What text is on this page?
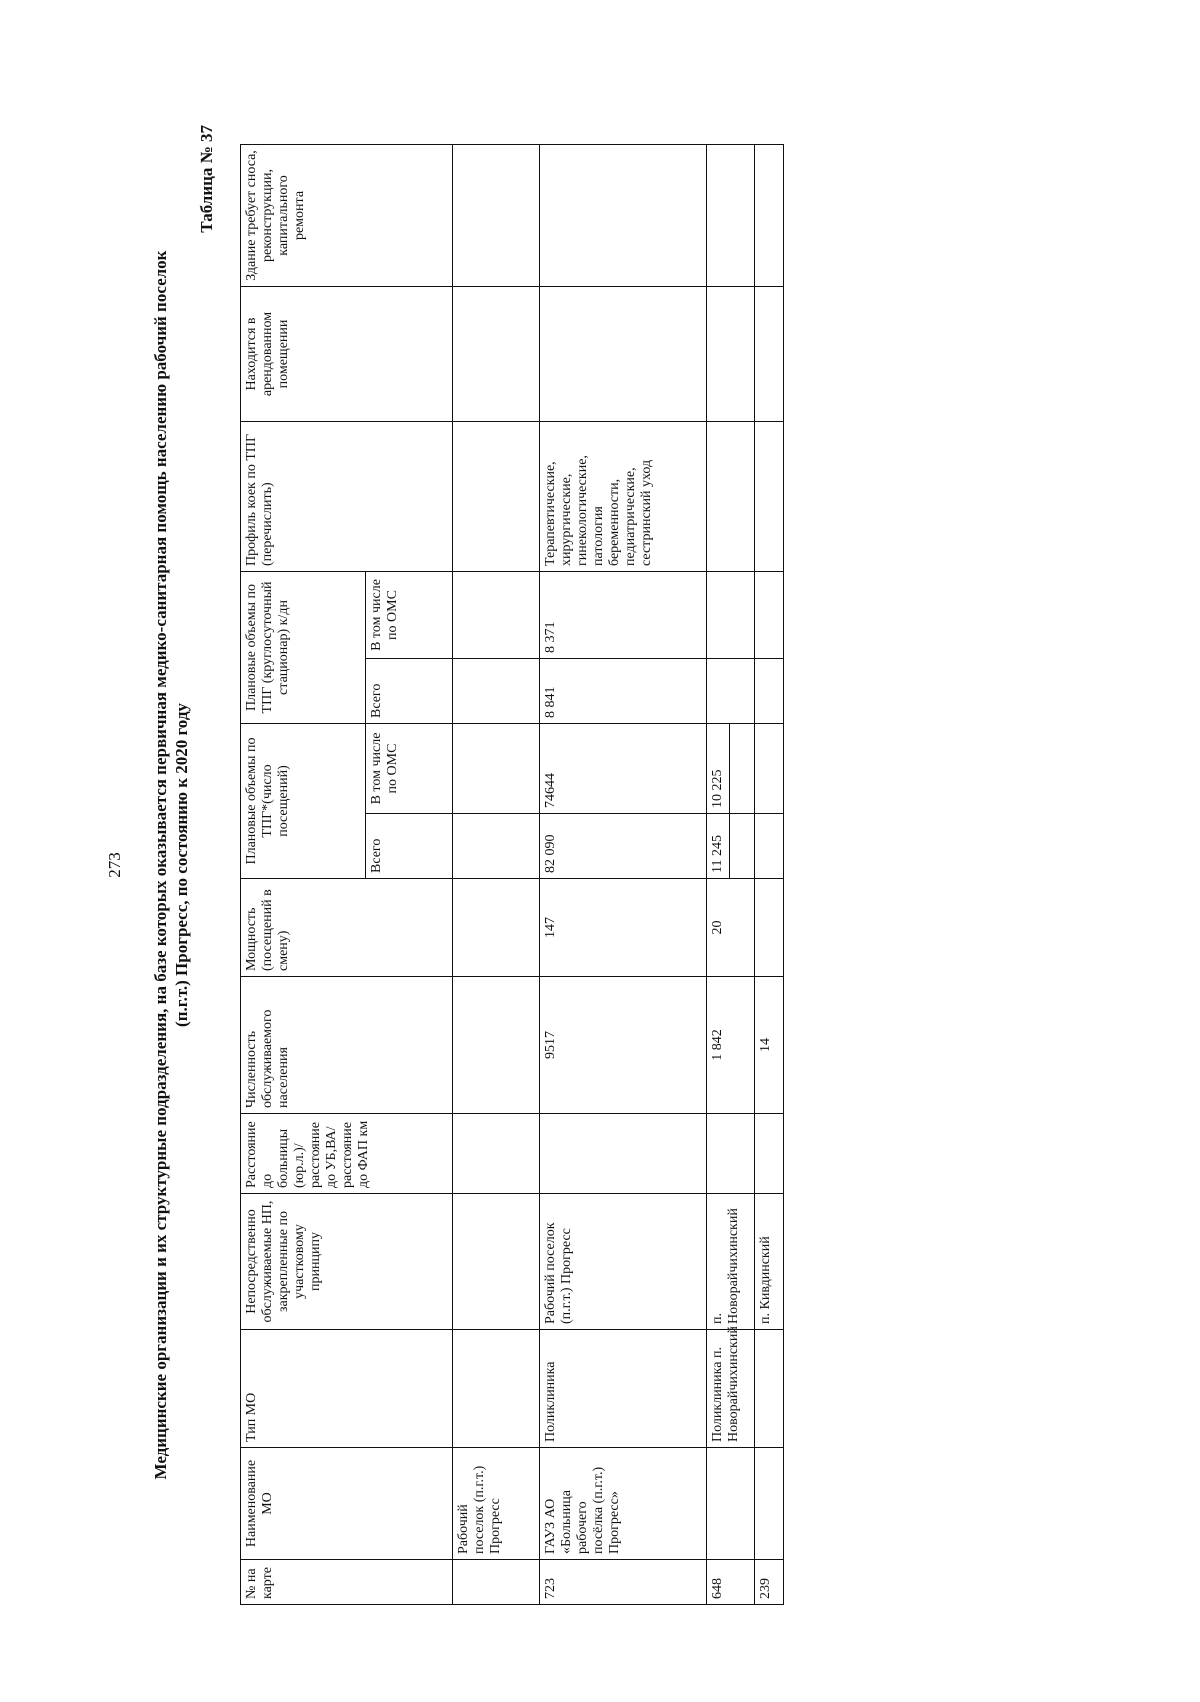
273 Медицинские организации и их структурные подразделения, на базе которых оказывается первичная медико-санитарная помощь населению рабочий поселок (п.г.т.) Прогресс, по состоянию к 2020 году
Таблица № 37
№ на карте	Наименование МО	Тип МО	Непосредственно обслуживаемые НП, закрепленные по участковому принципу	Расстояние до больницы (юр.л.)/ расстояние до УБ,ВА/ расстояние до ФАП км	Численность обслуживаемого населения	Мощность (посещений в смену)	Плановые объемы по ТПГ*(число посещений)		Плановые объемы по ТПГ (круглосуточный стационар) к/дн		Профиль коек по ТПГ (перечислить)	Находится в арендованном помещении	Здание требует сноса, реконструкции, капитального ремонта
							Всего	В том числе по ОМС	Всего	В том числе по ОМС			
	Рабочий поселок (п.г.т.) Прогресс												
723	ГАУЗ АО «Больница рабочего посёлка (п.г.т.) Прогресс»	Поликлиника	Рабочий поселок (п.г.т.) Прогресс		9517	147	82 090	74644	8 841	8 371	Терапевтические, хирургические, гинекологические, патология беременности, педиатрические, сестринский уход		
648		Поликлиника п. Новорайчихинский	п. Новорайчихинский		1 842	20	11 245	10 225					

239			п. Кивдинский		14								
